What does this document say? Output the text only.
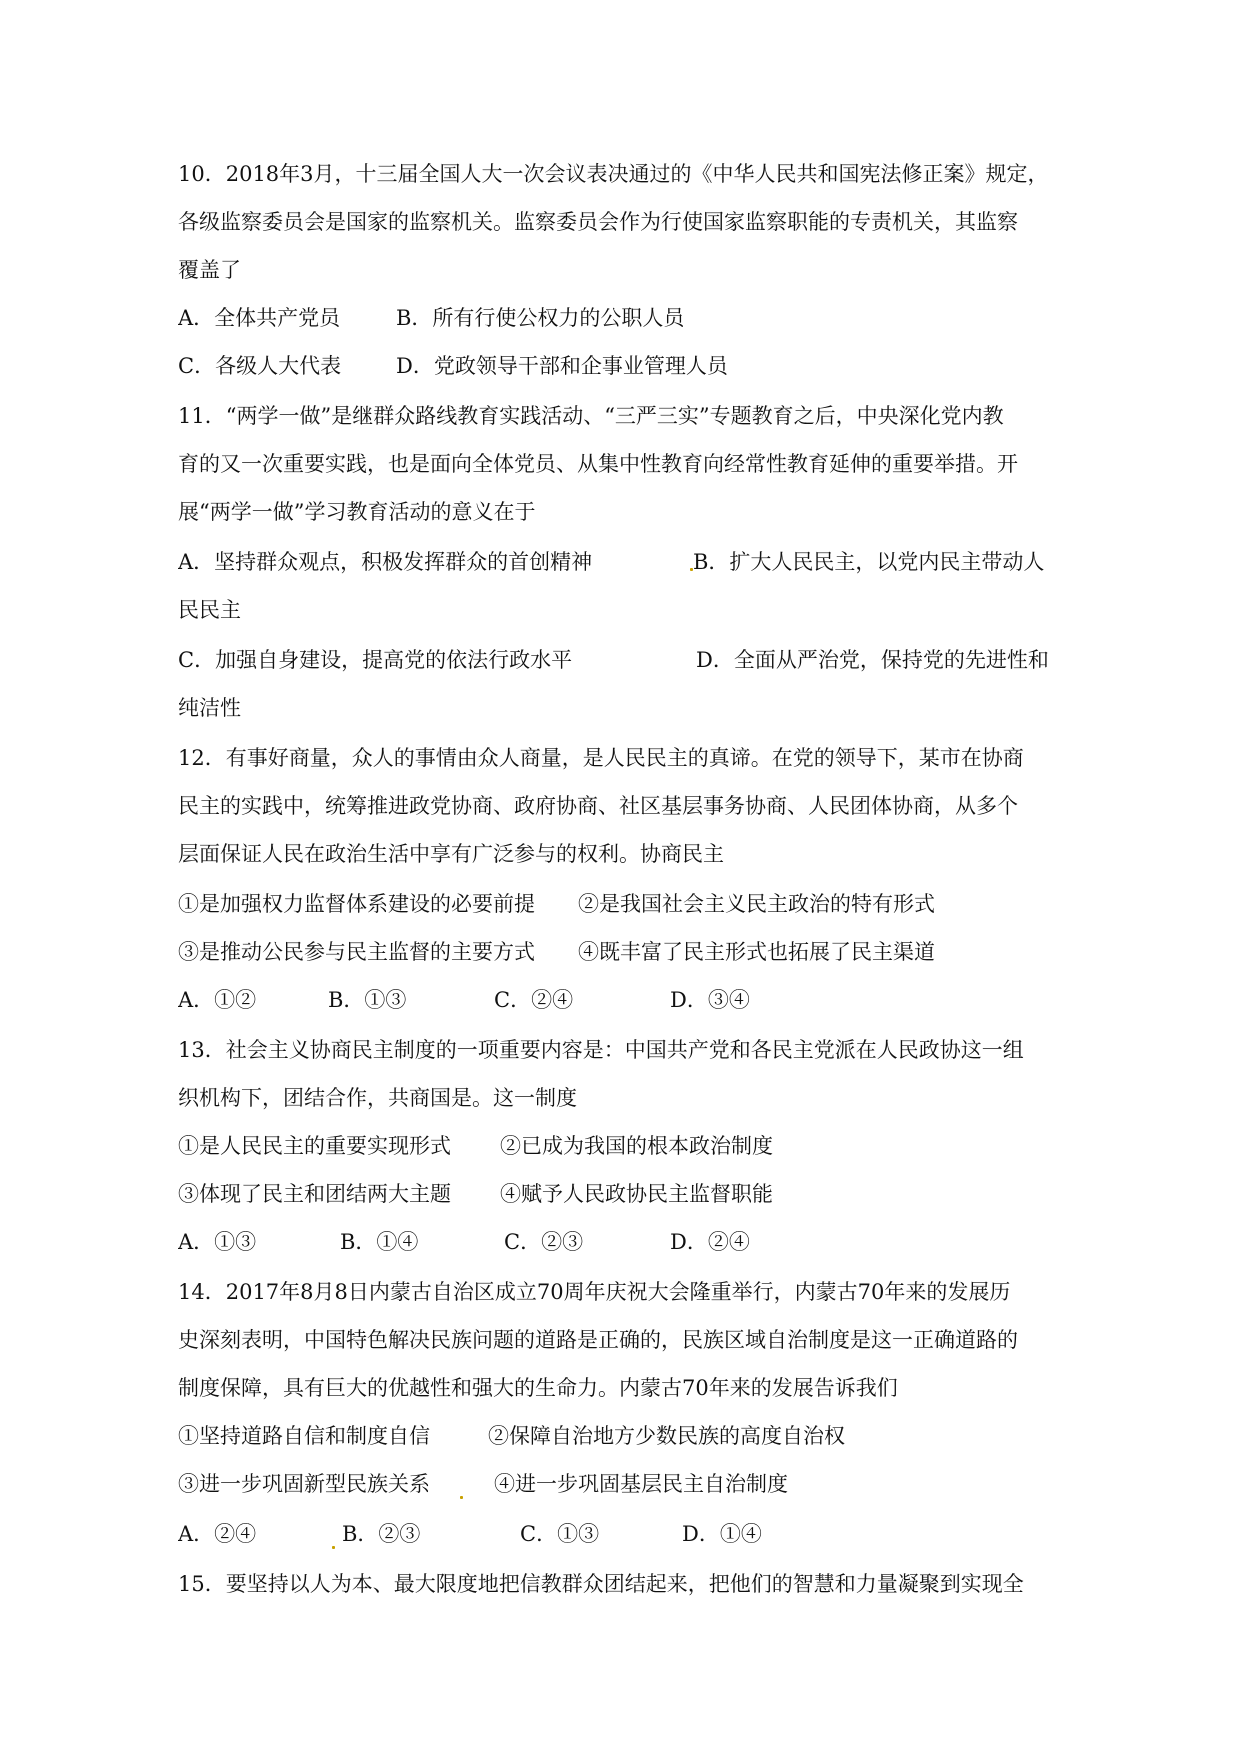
10．2018年3月，十三届全国人大一次会议表决通过的《中华人民共和国宪法修正案》规定，
各级监察委员会是国家的监察机关。监察委员会作为行使国家监察职能的专责机关，其监察
覆盖了
A．全体共产党员	B．所有行使公权力的公职人员
C．各级人大代表	D．党政领导干部和企事业管理人员
11．“两学一做”是继群众路线教育实践活动、“三严三实”专题教育之后，中央深化党内教
育的又一次重要实践，也是面向全体党员、从集中性教育向经常性教育延伸的重要举措。开
展“两学一做”学习教育活动的意义在于
A．坚持群众观点，积极发挥群众的首创精神	B．扩大人民民主，以党内民主带动人
民民主
C．加强自身建设，提高党的依法行政水平	D．全面从严治党，保持党的先进性和
纯洁性
12．有事好商量，众人的事情由众人商量，是人民民主的真谛。在党的领导下，某市在协商
民主的实践中，统筹推进政党协商、政府协商、社区基层事务协商、人民团体协商，从多个
层面保证人民在政治生活中享有广泛参与的权利。协商民主
①是加强权力监督体系建设的必要前提 ②是我国社会主义民主政治的特有形式
③是推动公民参与民主监督的主要方式 ④既丰富了民主形式也拓展了民主渠道
A．①②	B．①③	C．②④	D．③④
13．社会主义协商民主制度的一项重要内容是：中国共产党和各民主党派在人民政协这一组
织机构下，团结合作，共商国是。这一制度
①是人民民主的重要实现形式 ②已成为我国的根本政治制度
③体现了民主和团结两大主题 ④赋予人民政协民主监督职能
A．①③	B．①④	C．②③	D．②④
14．2017年8月8日内蒙古自治区成立70周年庆祝大会隆重举行，内蒙古70年来的发展历
史深刻表明，中国特色解决民族问题的道路是正确的，民族区域自治制度是这一正确道路的
制度保障，具有巨大的优越性和强大的生命力。内蒙古70年来的发展告诉我们
①坚持道路自信和制度自信	②保障自治地方少数民族的高度自治权
③进一步巩固新型民族关系	④进一步巩固基层民主自治制度
A．②④	B．②③	C．①③	D．①④
15．要坚持以人为本、最大限度地把信教群众团结起来，把他们的智慧和力量凝聚到实现全
